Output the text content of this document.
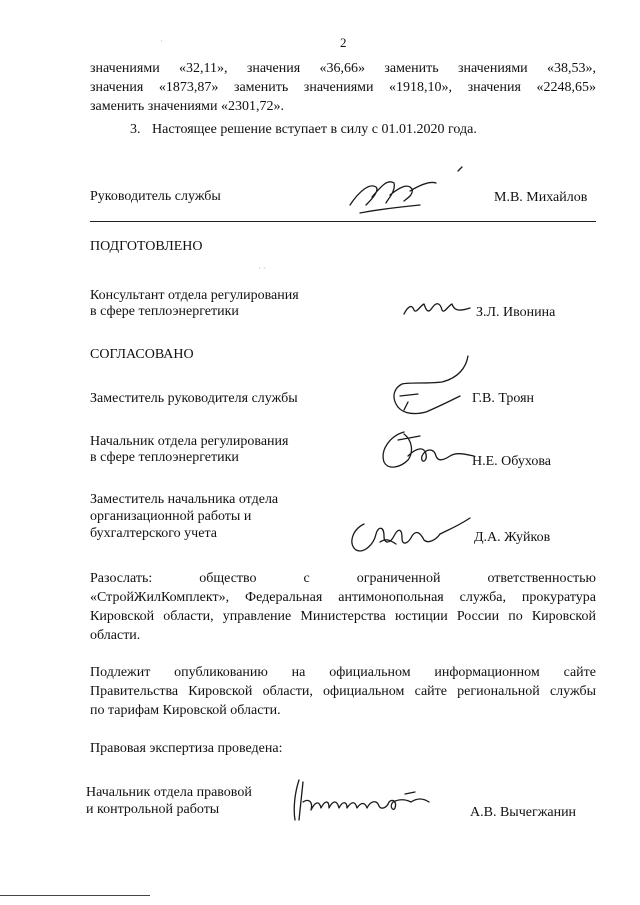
2
·
значениями «32,11», значения «36,66» заменить значениями «38,53»,
значения «1873,87» заменить значениями «1918,10», значения «2248,65»
заменить значениями «2301,72».
3. Настоящее решение вступает в силу с 01.01.2020 года.
Руководитель службы	М.В. Михайлов
ПОДГОТОВЛЕНО
· ·
Консультант отдела регулирования
в сфере теплоэнергетики	З.Л. Ивонина
СОГЛАСОВАНО
Заместитель руководителя службы	Г.В. Троян
Начальник отдела регулирования
в сфере теплоэнергетики	Н.Е. Обухова
Заместитель начальника отдела
организационной работы и
бухгалтерского учета	Д.А. Жуйков
Разослать: общество с ограниченной ответственностью
«СтройЖилКомплект», Федеральная антимонопольная служба, прокуратура
Кировской области, управление Министерства юстиции России по Кировской
области.
Подлежит опубликованию на официальном информационном сайте
Правительства Кировской области, официальном сайте региональной службы
по тарифам Кировской области.
Правовая экспертиза проведена:
Начальник отдела правовой
и контрольной работы	А.В. Вычегжанин
